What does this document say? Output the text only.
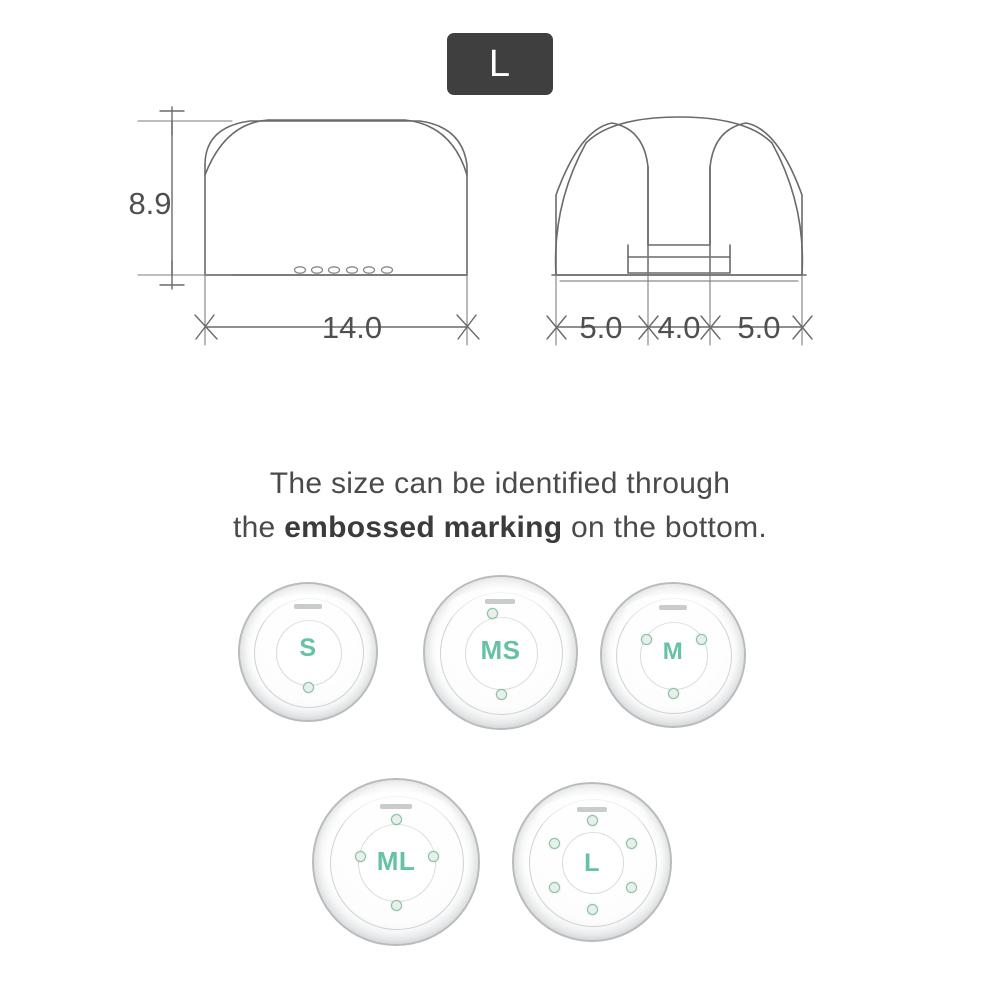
L
8.9
14.0	5.0 4.0 5.0
The size can be identified through
the embossed marking on the bottom.
S	MS	M
ML	L
